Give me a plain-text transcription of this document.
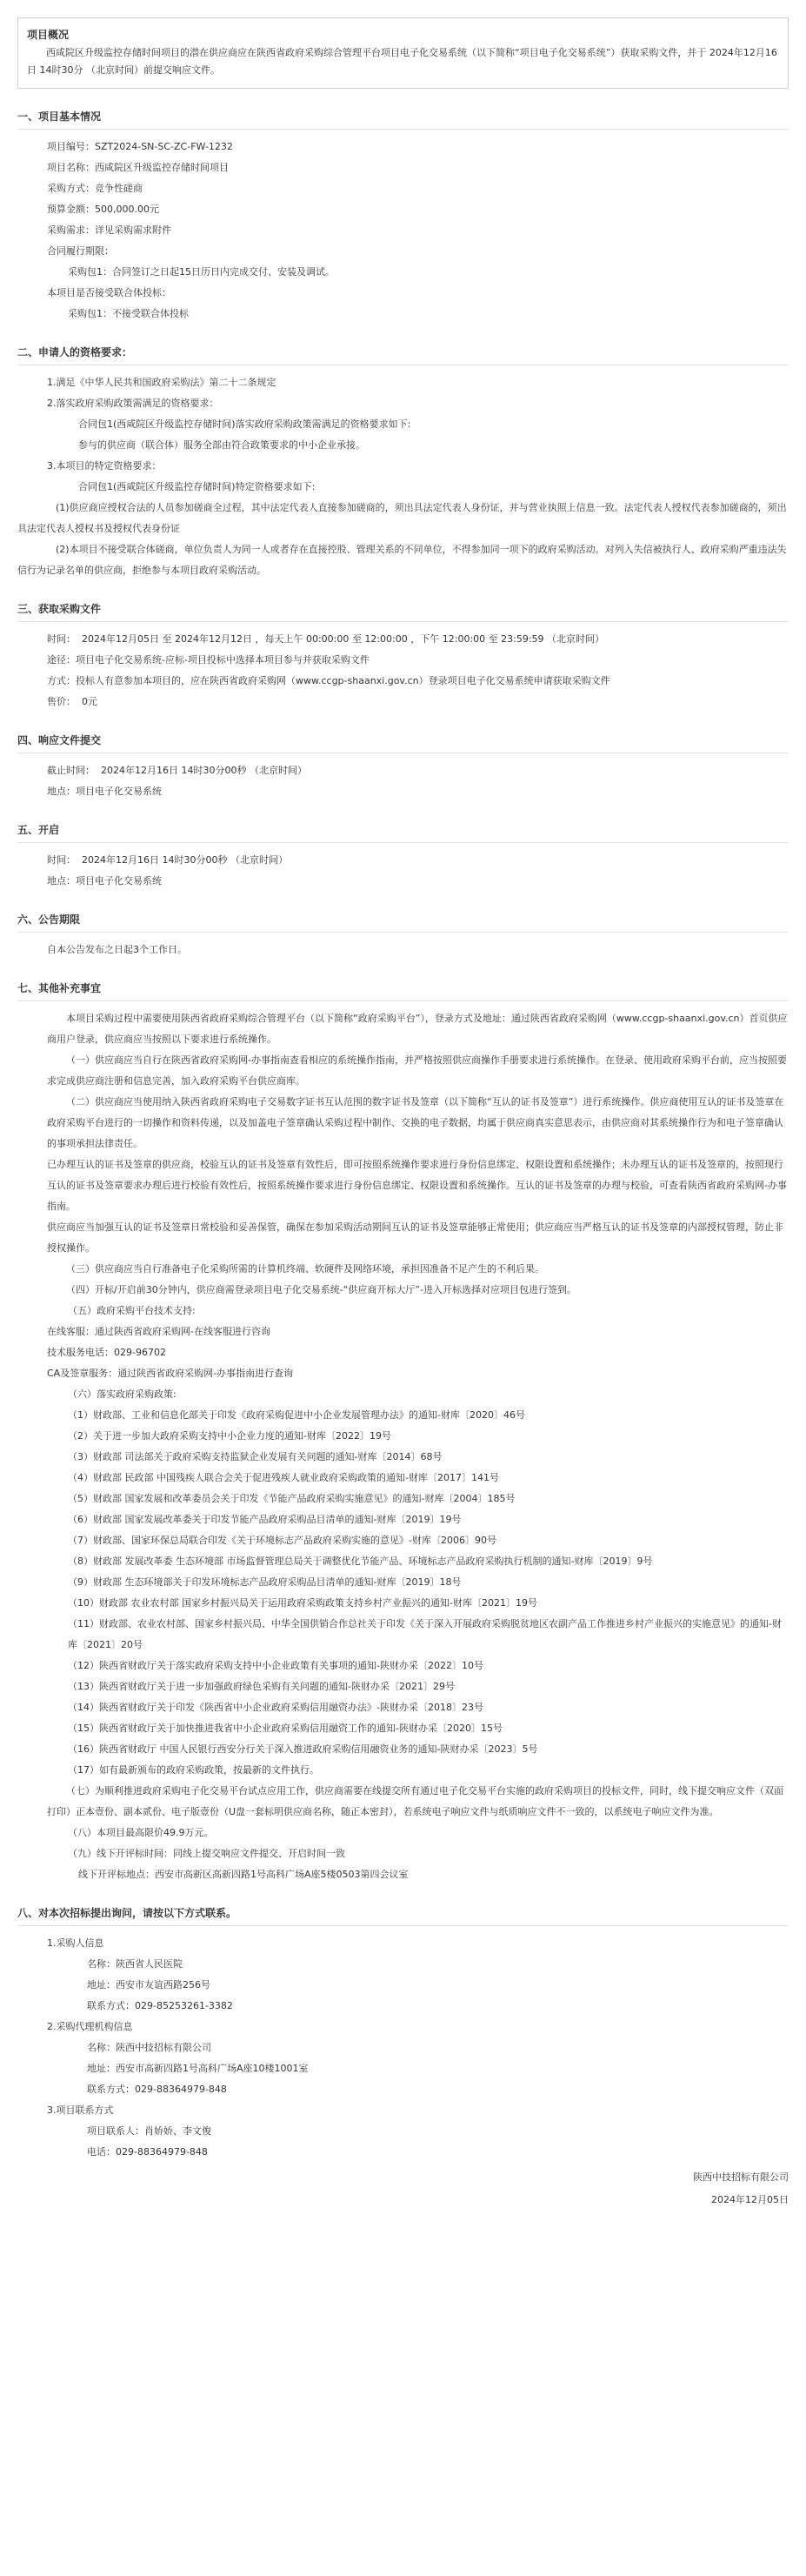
项目概况
西咸院区升级监控存储时间项目的潜在供应商应在陕西省政府采购综合管理平台项目电子化交易系统（以下简称“项目电子化交易系统”）获取采购文件，并于 2024年12月16日 14时30分 （北京时间）前提交响应文件。
一、项目基本情况
项目编号：SZT2024-SN-SC-ZC-FW-1232
项目名称：西咸院区升级监控存储时间项目
采购方式：竞争性磋商
预算金额：500,000.00元
采购需求：详见采购需求附件
合同履行期限：
采购包1：合同签订之日起15日历日内完成交付、安装及调试。
本项目是否接受联合体投标：
采购包1：不接受联合体投标
二、申请人的资格要求：
1.满足《中华人民共和国政府采购法》第二十二条规定
2.落实政府采购政策需满足的资格要求：
合同包1(西咸院区升级监控存储时间)落实政府采购政策需满足的资格要求如下:
参与的供应商（联合体）服务全部由符合政策要求的中小企业承接。
3.本项目的特定资格要求：
合同包1(西咸院区升级监控存储时间)特定资格要求如下:

(1)供应商应授权合法的人员参加磋商全过程，其中法定代表人直接参加磋商的，须出具法定代表人身份证，并与营业执照上信息一致。法定代表人授权代表参加磋商的，须出具法定代表人授权书及授权代表身份证

(2)本项目不接受联合体磋商，单位负责人为同一人或者存在直接控股、管理关系的不同单位，不得参加同一项下的政府采购活动。对列入失信被执行人、政府采购严重违法失信行为记录名单的供应商，拒绝参与本项目政府采购活动。

三、获取采购文件
时间：  2024年12月05日 至 2024年12月12日 ，每天上午 00:00:00 至 12:00:00 ，下午 12:00:00 至 23:59:59 （北京时间）
途径：项目电子化交易系统-应标-项目投标中选择本项目参与并获取采购文件
方式：投标人有意参加本项目的，应在陕西省政府采购网（www.ccgp-shaanxi.gov.cn）登录项目电子化交易系统申请获取采购文件
售价：  0元
四、响应文件提交
截止时间：  2024年12月16日 14时30分00秒 （北京时间）
地点：项目电子化交易系统
五、开启
时间：  2024年12月16日 14时30分00秒 （北京时间）
地点：项目电子化交易系统
六、公告期限
自本公告发布之日起3个工作日。
七、其他补充事宜

本项目采购过程中需要使用陕西省政府采购综合管理平台（以下简称“政府采购平台”），登录方式及地址：通过陕西省政府采购网（www.ccgp-shaanxi.gov.cn）首页供应商用户登录，供应商应当按照以下要求进行系统操作。

（一）供应商应当自行在陕西省政府采购网-办事指南查看相应的系统操作指南，并严格按照供应商操作手册要求进行系统操作。在登录、使用政府采购平台前，应当按照要求完成供应商注册和信息完善，加入政府采购平台供应商库。

（二）供应商应当使用纳入陕西省政府采购电子交易数字证书互认范围的数字证书及签章（以下简称“互认的证书及签章”）进行系统操作。供应商使用互认的证书及签章在政府采购平台进行的一切操作和资料传递，以及加盖电子签章确认采购过程中制作、交换的电子数据，均属于供应商真实意思表示，由供应商对其系统操作行为和电子签章确认的事项承担法律责任。

已办理互认的证书及签章的供应商，校验互认的证书及签章有效性后，即可按照系统操作要求进行身份信息绑定、权限设置和系统操作；未办理互认的证书及签章的，按照现行互认的证书及签章要求办理后进行校验有效性后，按照系统操作要求进行身份信息绑定、权限设置和系统操作。互认的证书及签章的办理与校验，可查看陕西省政府采购网-办事指南。

供应商应当加强互认的证书及签章日常校验和妥善保管，确保在参加采购活动期间互认的证书及签章能够正常使用；供应商应当严格互认的证书及签章的内部授权管理，防止非授权操作。

（三）供应商应当自行准备电子化采购所需的计算机终端、软硬件及网络环境，承担因准备不足产生的不利后果。

（四）开标/开启前30分钟内，供应商需登录项目电子化交易系统-“供应商开标大厅”-进入开标选择对应项目包进行签到。

（五）政府采购平台技术支持:
在线客服：通过陕西省政府采购网-在线客服进行咨询
技术服务电话：029-96702
CA及签章服务：通过陕西省政府采购网-办事指南进行查询
（六）落实政府采购政策:
（1）财政部、工业和信息化部关于印发《政府采购促进中小企业发展管理办法》的通知-财库〔2020〕46号
（2）关于进一步加大政府采购支持中小企业力度的通知-财库〔2022〕19号
（3）财政部 司法部关于政府采购支持监狱企业发展有关问题的通知-财库〔2014〕68号
（4）财政部 民政部 中国残疾人联合会关于促进残疾人就业政府采购政策的通知-财库〔2017〕141号
（5）财政部 国家发展和改革委员会关于印发《节能产品政府采购实施意见》的通知-财库〔2004〕185号
（6）财政部 国家发展改革委关于印发节能产品政府采购品目清单的通知-财库〔2019〕19号
（7）财政部、国家环保总局联合印发《关于环境标志产品政府采购实施的意见》-财库〔2006〕90号
（8）财政部 发展改革委 生态环境部 市场监督管理总局关于调整优化节能产品、环境标志产品政府采购执行机制的通知-财库〔2019〕9号
（9）财政部 生态环境部关于印发环境标志产品政府采购品目清单的通知-财库〔2019〕18号
（10）财政部 农业农村部 国家乡村振兴局关于运用政府采购政策支持乡村产业振兴的通知-财库〔2021〕19号

（11）财政部、农业农村部、国家乡村振兴局、中华全国供销合作总社关于印发《关于深入开展政府采购脱贫地区农副产品工作推进乡村产业振兴的实施意见》的通知-财库〔2021〕20号

（12）陕西省财政厅关于落实政府采购支持中小企业政策有关事项的通知-陕财办采〔2022〕10号
（13）陕西省财政厅关于进一步加强政府绿色采购有关问题的通知-陕财办采〔2021〕29号
（14）陕西省财政厅关于印发《陕西省中小企业政府采购信用融资办法》-陕财办采〔2018〕23号
（15）陕西省财政厅关于加快推进我省中小企业政府采购信用融资工作的通知-陕财办采〔2020〕15号
（16）陕西省财政厅 中国人民银行西安分行关于深入推进政府采购信用融资业务的通知-陕财办采〔2023〕5号
（17）如有最新颁布的政府采购政策，按最新的文件执行。

（七）为顺利推进政府采购电子化交易平台试点应用工作，供应商需要在线提交所有通过电子化交易平台实施的政府采购项目的投标文件，同时，线下提交响应文件（双面打印）正本壹份、副本贰份、电子版壹份（U盘一套标明供应商名称，随正本密封），若系统电子响应文件与纸质响应文件不一致的，以系统电子响应文件为准。

（八）本项目最高限价49.9万元。
（九）线下开评标时间：同线上提交响应文件提交、开启时间一致
线下开评标地点：西安市高新区高新四路1号高科广场A座5楼0503第四会议室
八、对本次招标提出询问，请按以下方式联系。
1.采购人信息
名称：陕西省人民医院
地址：西安市友谊西路256号
联系方式：029-85253261-3382
2.采购代理机构信息
名称：陕西中技招标有限公司
地址：西安市高新四路1号高科广场A座10楼1001室
联系方式：029-88364979-848
3.项目联系方式
项目联系人：肖娇娇、李文俊
电话：029-88364979-848
陕西中技招标有限公司
2024年12月05日
